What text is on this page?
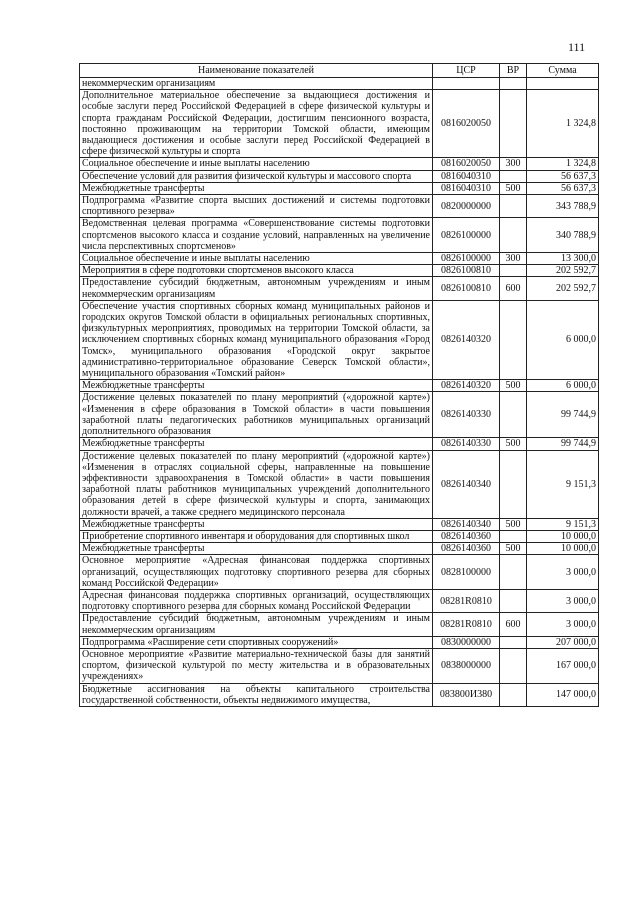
111
Наименование показателей	ЦСР	ВР	Сумма
некоммерческим организациям			
Дополнительное материальное обеспечение за выдающиеся достижения и особые заслуги перед Российской Федерацией в сфере физической культуры и спорта гражданам Российской Федерации, достигшим пенсионного возраста, постоянно проживающим на территории Томской области, имеющим выдающиеся достижения и особые заслуги перед Российской Федерацией в сфере физической культуры и спорта	0816020050		1 324,8
Социальное обеспечение и иные выплаты населению	0816020050	300	1 324,8
Обеспечение условий для развития физической культуры и массового спорта	0816040310		56 637,3
Межбюджетные трансферты	0816040310	500	56 637,3
Подпрограмма «Развитие спорта высших достижений и системы подготовки спортивного резерва»	0820000000		343 788,9
Ведомственная целевая программа «Совершенствование системы подготовки спортсменов высокого класса и создание условий, направленных на увеличение числа перспективных спортсменов»	0826100000		340 788,9
Социальное обеспечение и иные выплаты населению	0826100000	300	13 300,0
Мероприятия в сфере подготовки спортсменов высокого класса	0826100810		202 592,7
Предоставление субсидий бюджетным, автономным учреждениям и иным некоммерческим организациям	0826100810	600	202 592,7
Обеспечение участия спортивных сборных команд муниципальных районов и городских округов Томской области в официальных региональных спортивных, физкультурных мероприятиях, проводимых на территории Томской области, за исключением спортивных сборных команд муниципального образования «Город Томск», муниципального образования «Городской округ закрытое административно-территориальное образование Северск Томской области», муниципального образования «Томский район»	0826140320		6 000,0
Межбюджетные трансферты	0826140320	500	6 000,0
Достижение целевых показателей по плану мероприятий («дорожной карте») «Изменения в сфере образования в Томской области» в части повышения заработной платы педагогических работников муниципальных организаций дополнительного образования	0826140330		99 744,9
Межбюджетные трансферты	0826140330	500	99 744,9
Достижение целевых показателей по плану мероприятий («дорожной карте») «Изменения в отраслях социальной сферы, направленные на повышение эффективности здравоохранения в Томской области» в части повышения заработной платы работников муниципальных учреждений дополнительного образования детей в сфере физической культуры и спорта, занимающих должности врачей, а также среднего медицинского персонала	0826140340		9 151,3
Межбюджетные трансферты	0826140340	500	9 151,3
Приобретение спортивного инвентаря и оборудования для спортивных школ	0826140360		10 000,0
Межбюджетные трансферты	0826140360	500	10 000,0
Основное мероприятие «Адресная финансовая поддержка спортивных организаций, осуществляющих подготовку спортивного резерва для сборных команд Российской Федерации»	0828100000		3 000,0
Адресная финансовая поддержка спортивных организаций, осуществляющих подготовку спортивного резерва для сборных команд Российской Федерации	08281R0810		3 000,0
Предоставление субсидий бюджетным, автономным учреждениям и иным некоммерческим организациям	08281R0810	600	3 000,0
Подпрограмма «Расширение сети спортивных сооружений»	0830000000		207 000,0
Основное мероприятие «Развитие материально-технической базы для занятий спортом, физической культурой по месту жительства и в образовательных учреждениях»	0838000000		167 000,0
Бюджетные ассигнования на объекты капитального строительства государственной собственности, объекты недвижимого имущества,	083800И380		147 000,0
